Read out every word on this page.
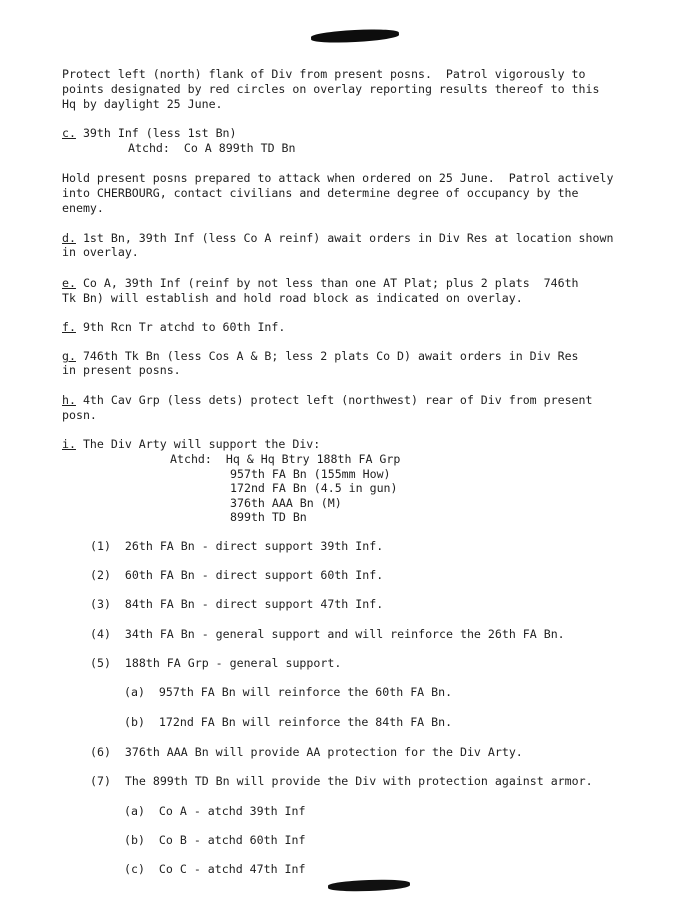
Protect left (north) flank of Div from present posns.  Patrol vigorously to
points designated by red circles on overlay reporting results thereof to this
Hq by daylight 25 June.
c. 39th Inf (less 1st Bn)
Atchd:  Co A 899th TD Bn
Hold present posns prepared to attack when ordered on 25 June.  Patrol actively
into CHERBOURG, contact civilians and determine degree of occupancy by the
enemy.
d. 1st Bn, 39th Inf (less Co A reinf) await orders in Div Res at location shown
in overlay.
e. Co A, 39th Inf (reinf by not less than one AT Plat; plus 2 plats  746th
Tk Bn) will establish and hold road block as indicated on overlay.
f. 9th Rcn Tr atchd to 60th Inf.
g. 746th Tk Bn (less Cos A & B; less 2 plats Co D) await orders in Div Res
in present posns.
h. 4th Cav Grp (less dets) protect left (northwest) rear of Div from present
posn.
i. The Div Arty will support the Div:
Atchd:  Hq & Hq Btry 188th FA Grp
957th FA Bn (155mm How)
172nd FA Bn (4.5 in gun)
376th AAA Bn (M)
899th TD Bn
(1) 26th FA Bn - direct support 39th Inf.
(2) 60th FA Bn - direct support 60th Inf.
(3) 84th FA Bn - direct support 47th Inf.
(4) 34th FA Bn - general support and will reinforce the 26th FA Bn.
(5) 188th FA Grp - general support.
(a) 957th FA Bn will reinforce the 60th FA Bn.
(b) 172nd FA Bn will reinforce the 84th FA Bn.
(6) 376th AAA Bn will provide AA protection for the Div Arty.
(7) The 899th TD Bn will provide the Div with protection against armor.
(a) Co A - atchd 39th Inf
(b) Co B - atchd 60th Inf
(c) Co C - atchd 47th Inf
